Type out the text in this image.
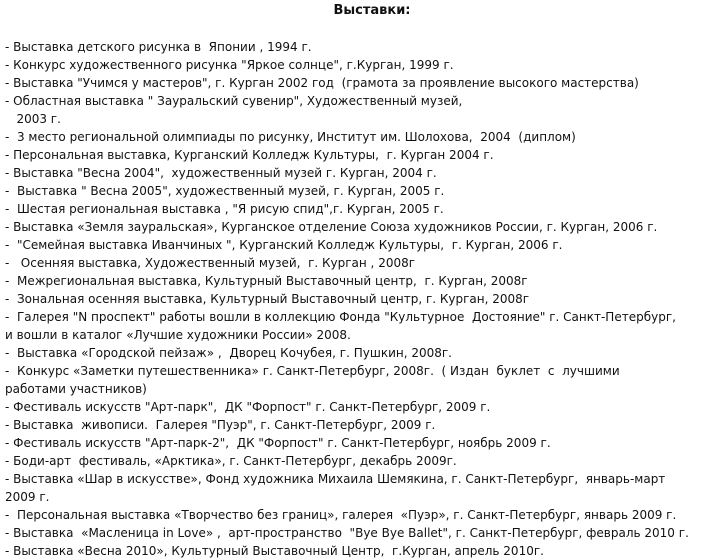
Выставки:
- Выставка детского рисунка в  Японии , 1994 г.
- Конкурс художественного рисунка "Яркое солнце", г.Курган, 1999 г.
- Выставка "Учимся у мастеров", г. Курган 2002 год  (грамота за проявление высокого мастерства)
- Областная выставка " Зауральский сувенир", Художественный музей,
2003 г.
-  3 место региональной олимпиады по рисунку, Институт им. Шолохова,  2004  (диплом)
- Персональная выставка, Курганский Колледж Культуры,  г. Курган 2004 г.
- Выставка "Весна 2004",  художественный музей г. Курган, 2004 г.
-  Выставка " Весна 2005", художественный музей, г. Курган, 2005 г.
-  Шестая региональная выставка , "Я рисую спид",г. Курган, 2005 г.
- Выставка «Земля зауральская», Курганское отделение Союза художников России, г. Курган, 2006 г.
-  "Семейная выставка Иванчиных ", Курганский Колледж Культуры,  г. Курган, 2006 г.
-   Осенняя выставка, Художественный музей,  г. Курган , 2008г
-  Межрегиональная выставка, Культурный Выставочный центр,  г. Курган, 2008г
-  Зональная осенняя выставка, Культурный Выставочный центр, г. Курган, 2008г
-  Галерея "N проспект" работы вошли в коллекцию Фонда "Культурное  Достояние" г. Санкт-Петербург,
и вошли в каталог «Лучшие художники России» 2008.
-  Выставка «Городской пейзаж» ,  Дворец Кочубея, г. Пушкин, 2008г.
-  Конкурс «Заметки путешественника» г. Санкт-Петербург, 2008г.  ( Издан  буклет  с  лучшими
работами участников)
- Фестиваль искусств "Арт-парк",  ДК "Форпост" г. Санкт-Петербург, 2009 г.
- Выставка  живописи.  Галерея "Пуэр", г. Санкт-Петербург, 2009 г.
- Фестиваль искусств "Арт-парк-2",  ДК "Форпост" г. Санкт-Петербург, ноябрь 2009 г.
- Боди-арт  фестиваль, «Арктика», г. Санкт-Петербург, декабрь 2009г.
- Выставка «Шар в искусстве», Фонд художника Михаила Шемякина, г. Санкт-Петербург,  январь-март
2009 г.
-  Персональная выставка «Творчество без границ», галерея  «Пуэр», г. Санкт-Петербург, январь 2009 г.
- Выставка  «Масленица in Love» ,  арт-пространство  "Bye Bye Ballet", г. Санкт-Петербург, февраль 2010 г.
- Выставка «Весна 2010», Культурный Выставочный Центр,  г.Курган, апрель 2010г.
